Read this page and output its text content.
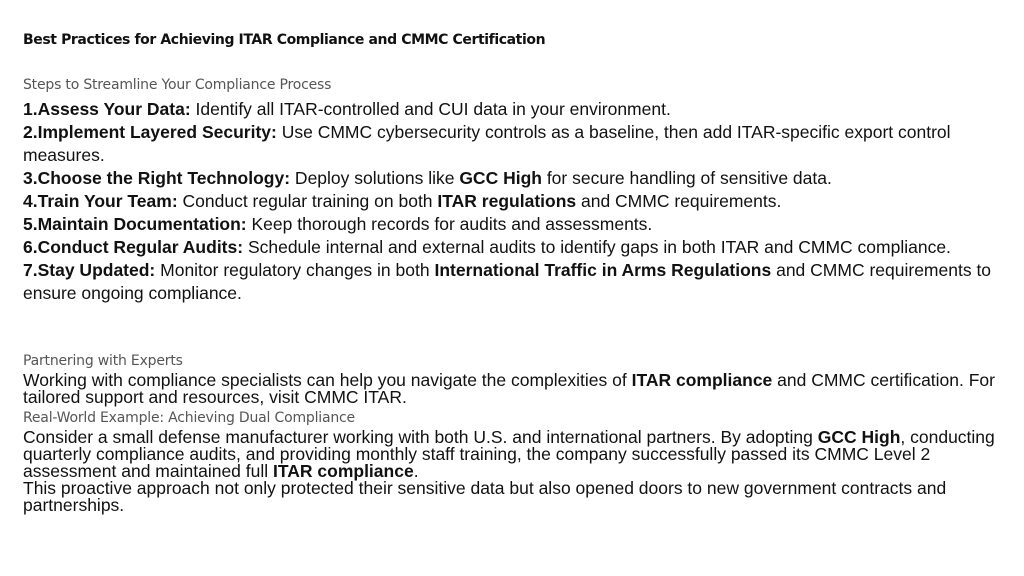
Best Practices for Achieving ITAR Compliance and CMMC Certification
Steps to Streamline Your Compliance Process
1.Assess Your Data: Identify all ITAR-controlled and CUI data in your environment.
2.Implement Layered Security: Use CMMC cybersecurity controls as a baseline, then add ITAR-specific export control measures.
3.Choose the Right Technology: Deploy solutions like GCC High for secure handling of sensitive data.
4.Train Your Team: Conduct regular training on both ITAR regulations and CMMC requirements.
5.Maintain Documentation: Keep thorough records for audits and assessments.
6.Conduct Regular Audits: Schedule internal and external audits to identify gaps in both ITAR and CMMC compliance.
7.Stay Updated: Monitor regulatory changes in both International Traffic in Arms Regulations and CMMC requirements to ensure ongoing compliance.
Partnering with Experts

Working with compliance specialists can help you navigate the complexities of ITAR compliance and CMMC certification. For tailored support and resources, visit CMMC ITAR.

Real-World Example: Achieving Dual Compliance

Consider a small defense manufacturer working with both U.S. and international partners. By adopting GCC High, conducting quarterly compliance audits, and providing monthly staff training, the company successfully passed its CMMC Level 2 assessment and maintained full ITAR compliance.

This proactive approach not only protected their sensitive data but also opened doors to new government contracts and partnerships.
